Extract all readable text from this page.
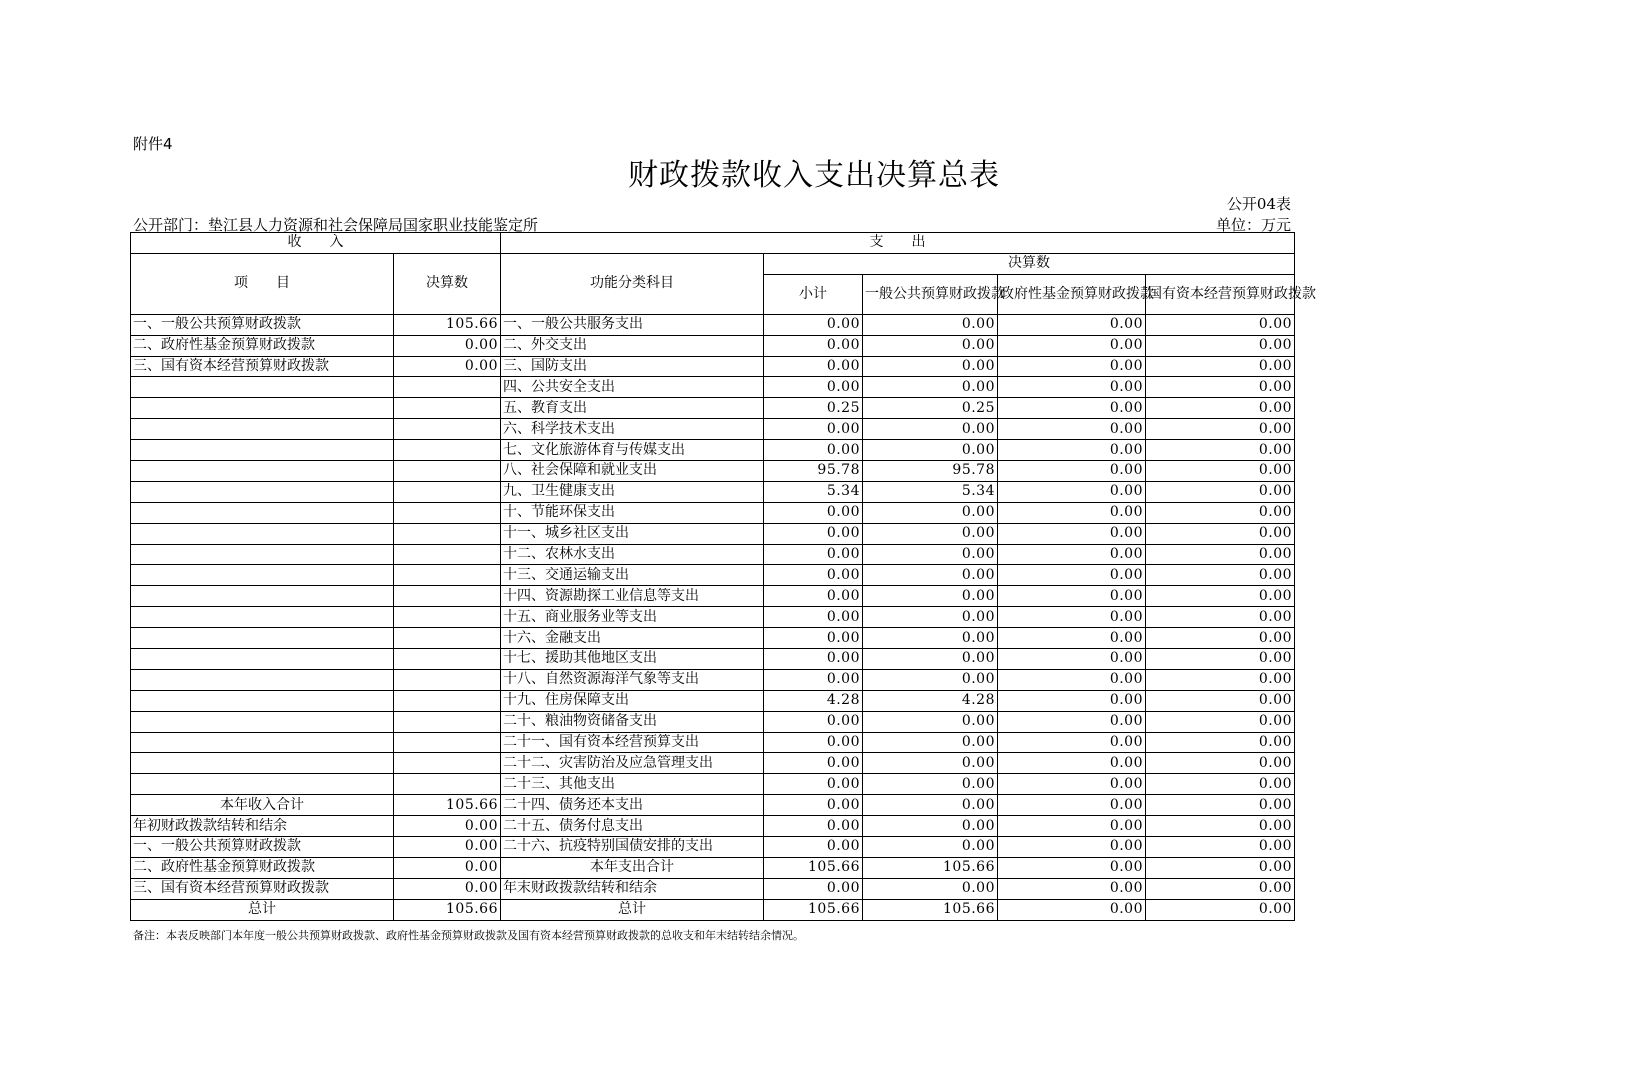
附件4
财政拨款收入支出决算总表
公开04表
公开部门：垫江县人力资源和社会保障局国家职业技能鉴定所	单位：万元
收　　入		支　　出				
项　　目	决算数	功能分类科目	决算数			
			小计	一般公共预算财政拨款	政府性基金预算财政拨款	国有资本经营预算财政拨款
一、一般公共预算财政拨款	105.66	一、一般公共服务支出	0.00	0.00	0.00	0.00
二、政府性基金预算财政拨款	0.00	二、外交支出	0.00	0.00	0.00	0.00
三、国有资本经营预算财政拨款	0.00	三、国防支出	0.00	0.00	0.00	0.00
		四、公共安全支出	0.00	0.00	0.00	0.00
		五、教育支出	0.25	0.25	0.00	0.00
		六、科学技术支出	0.00	0.00	0.00	0.00
		七、文化旅游体育与传媒支出	0.00	0.00	0.00	0.00
		八、社会保障和就业支出	95.78	95.78	0.00	0.00
		九、卫生健康支出	5.34	5.34	0.00	0.00
		十、节能环保支出	0.00	0.00	0.00	0.00
		十一、城乡社区支出	0.00	0.00	0.00	0.00
		十二、农林水支出	0.00	0.00	0.00	0.00
		十三、交通运输支出	0.00	0.00	0.00	0.00
		十四、资源勘探工业信息等支出	0.00	0.00	0.00	0.00
		十五、商业服务业等支出	0.00	0.00	0.00	0.00
		十六、金融支出	0.00	0.00	0.00	0.00
		十七、援助其他地区支出	0.00	0.00	0.00	0.00
		十八、自然资源海洋气象等支出	0.00	0.00	0.00	0.00
		十九、住房保障支出	4.28	4.28	0.00	0.00
		二十、粮油物资储备支出	0.00	0.00	0.00	0.00
		二十一、国有资本经营预算支出	0.00	0.00	0.00	0.00
		二十二、灾害防治及应急管理支出	0.00	0.00	0.00	0.00
		二十三、其他支出	0.00	0.00	0.00	0.00
本年收入合计	105.66	二十四、债务还本支出	0.00	0.00	0.00	0.00
年初财政拨款结转和结余	0.00	二十五、债务付息支出	0.00	0.00	0.00	0.00
一、一般公共预算财政拨款	0.00	二十六、抗疫特别国债安排的支出	0.00	0.00	0.00	0.00
二、政府性基金预算财政拨款	0.00	本年支出合计	105.66	105.66	0.00	0.00
三、国有资本经营预算财政拨款	0.00	年末财政拨款结转和结余	0.00	0.00	0.00	0.00
总计	105.66	总计	105.66	105.66	0.00	0.00
备注：本表反映部门本年度一般公共预算财政拨款、政府性基金预算财政拨款及国有资本经营预算财政拨款的总收支和年末结转结余情况。
